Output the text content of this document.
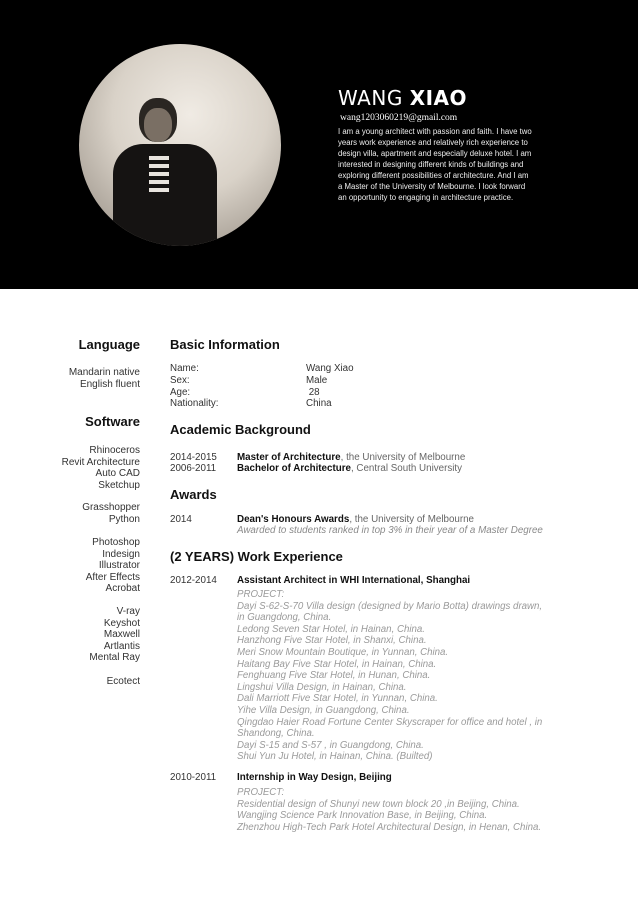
WANG XIAO
wang1203060219@gmail.com
I am a young architect with passion and faith. I have two
years work experience and relatively rich experience to
design villa, apartment and especially deluxe hotel. I am
interested in designing different kinds of buildings and
exploring different possibilities of architecture. And I am
a Master of the University of Melbourne. I look forward
an opportunity to engaging in architecture practice.
Language
Mandarin native
English fluent
Software
Rhinoceros
Revit Architecture
Auto CAD
Sketchup
Grasshopper
Python
Photoshop
Indesign
Illustrator
After Effects
Acrobat
V-ray
Keyshot
Maxwell
Artlantis
Mental Ray
Ecotect
Basic Information
Name:	Wang Xiao
Sex:	Male
Age:	28
Nationality:	China
Academic Background
2014-2015 Master of Architecture, the University of Melbourne
2006-2011 Bachelor of Architecture, Central South University
Awards
2014	Dean's Honours Awards, the University of Melbourne
Awarded to students ranked in top 3% in their year of a Master Degree
(2 YEARS) Work Experience
2012-2014 Assistant Architect in WHI International, Shanghai
PROJECT:
Dayi S-62-S-70 Villa design (designed by Mario Botta) drawings drawn,
in Guangdong, China.
Ledong Seven Star Hotel, in Hainan, China.
Hanzhong Five Star Hotel, in Shanxi, China.
Meri Snow Mountain Boutique, in Yunnan, China.
Haitang Bay Five Star Hotel, in Hainan, China.
Fenghuang Five Star Hotel, in Hunan, China.
Lingshui Villa Design, in Hainan, China.
Dali Marriott Five Star Hotel, in Yunnan, China.
Yihe Villa Design, in Guangdong, China.
Qingdao Haier Road Fortune Center Skyscraper for office and hotel , in
Shandong, China.
Dayi S-15 and S-57 , in Guangdong, China.
Shui Yun Ju Hotel, in Hainan, China. (Builted)
2010-2011 Internship in Way Design, Beijing
PROJECT:
Residential design of Shunyi new town block 20 ,in Beijing, China.
Wangjing Science Park Innovation Base, in Beijing, China.
Zhenzhou High-Tech Park Hotel Architectural Design, in Henan, China.
